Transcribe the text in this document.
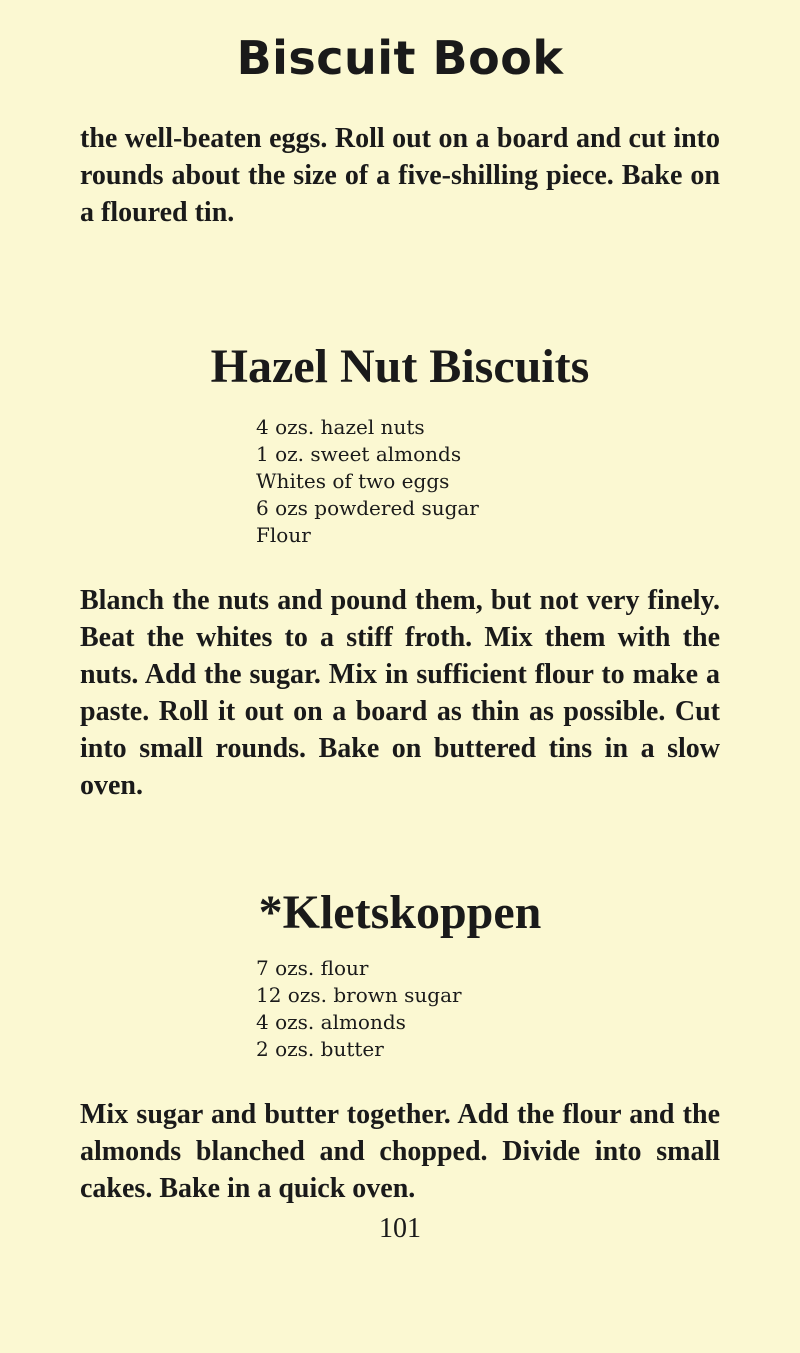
Biscuit Book

the well-beaten eggs. Roll out on a board and cut into rounds about the size of a five-shilling piece. Bake on a floured tin.

Hazel Nut Biscuits
4 ozs. hazel nuts
1 oz. sweet almonds
Whites of two eggs
6 ozs powdered sugar
Flour

Blanch the nuts and pound them, but not very finely. Beat the whites to a stiff froth. Mix them with the nuts. Add the sugar. Mix in sufficient flour to make a paste. Roll it out on a board as thin as possible. Cut into small rounds. Bake on buttered tins in a slow oven.

*Kletskoppen
7 ozs. flour
12 ozs. brown sugar
4 ozs. almonds
2 ozs. butter

Mix sugar and butter together. Add the flour and the almonds blanched and chopped. Divide into small cakes. Bake in a quick oven.

101
